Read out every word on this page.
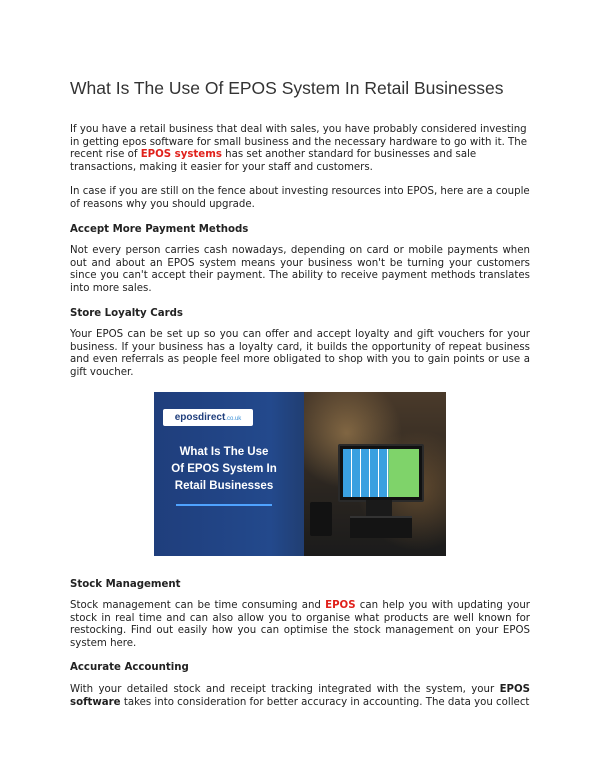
What Is The Use Of EPOS System In Retail Businesses

If you have a retail business that deal with sales, you have probably considered investing in getting epos software for small business and the necessary hardware to go with it. The recent rise of EPOS systems has set another standard for businesses and sale transactions, making it easier for your staff and customers.

In case if you are still on the fence about investing resources into EPOS, here are a couple of reasons why you should upgrade.

Accept More Payment Methods

Not every person carries cash nowadays, depending on card or mobile payments when out and about an EPOS system means your business won't be turning your customers since you can't accept their payment. The ability to receive payment methods translates into more sales.

Store Loyalty Cards

Your EPOS can be set up so you can offer and accept loyalty and gift vouchers for your business. If your business has a loyalty card, it builds the opportunity of repeat business and even referrals as people feel more obligated to shop with you to gain points or use a gift voucher.

eposdirect.co.uk
What Is The Use
Of EPOS System In
Retail Businesses
Stock Management

Stock management can be time consuming and EPOS can help you with updating your stock in real time and can also allow you to organise what products are well known for restocking. Find out easily how you can optimise the stock management on your EPOS system here.

Accurate Accounting

With your detailed stock and receipt tracking integrated with the system, your EPOS software takes into consideration for better accuracy in accounting. The data you collect
